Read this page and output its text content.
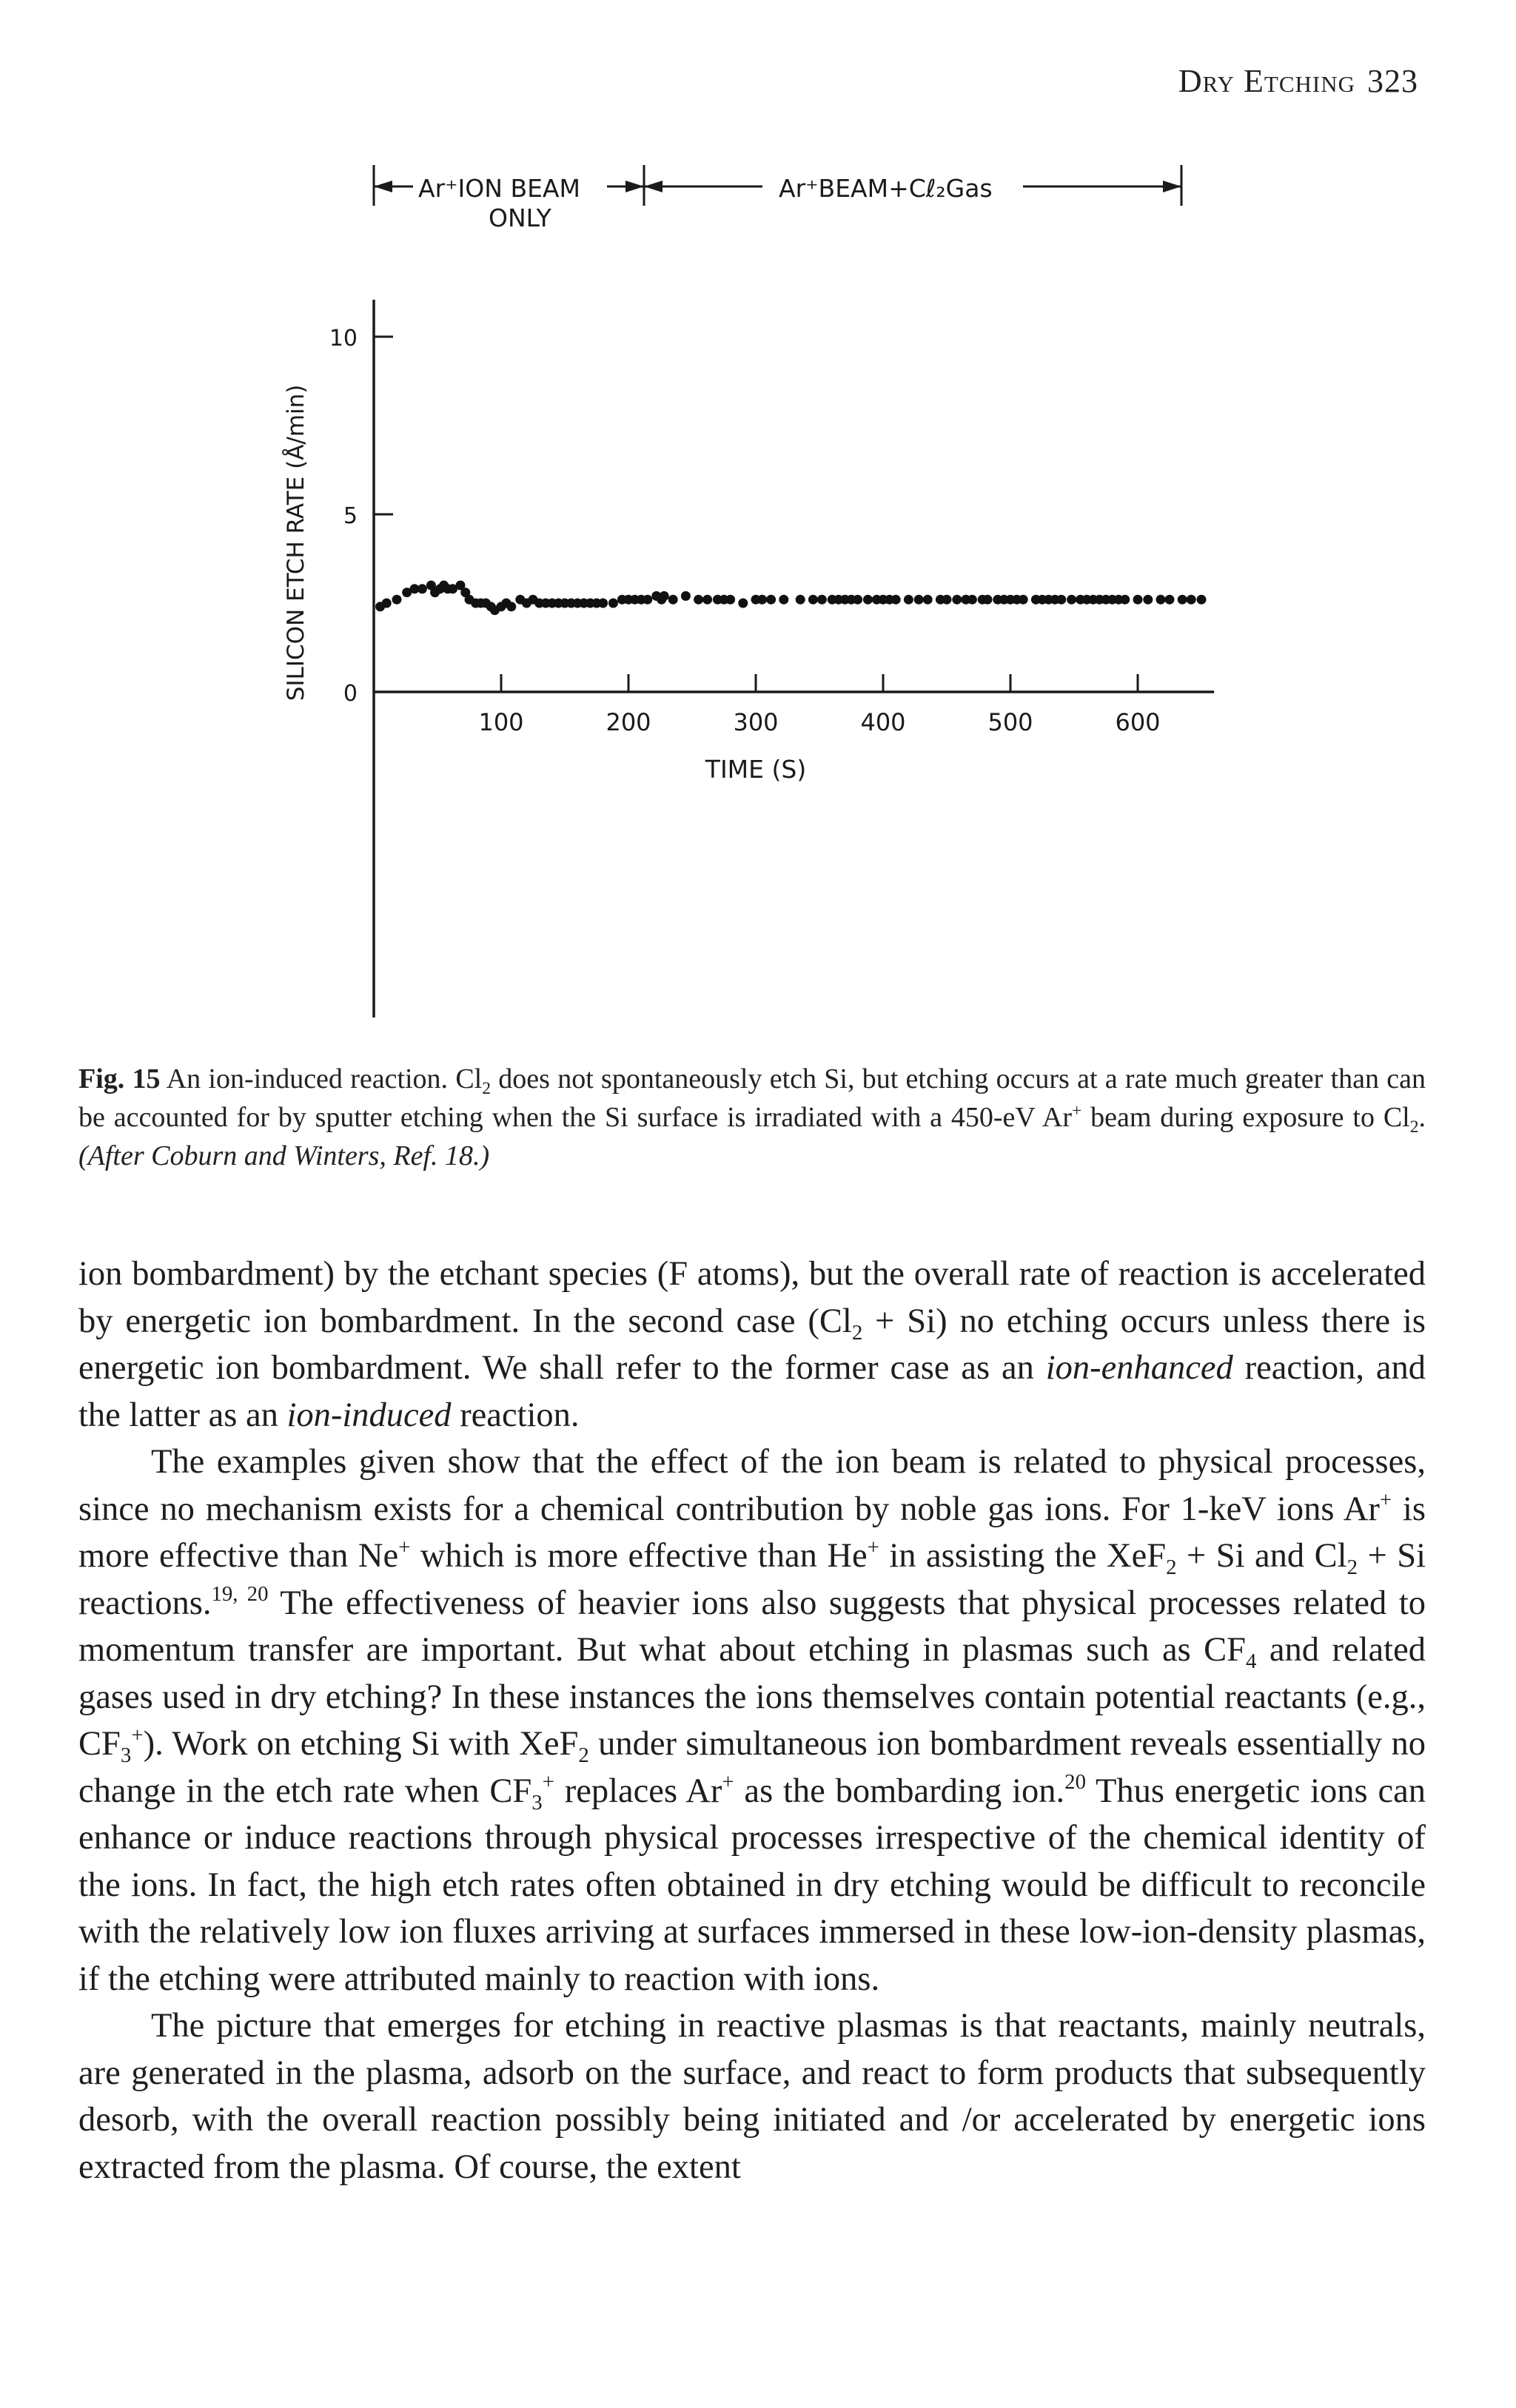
Dry Etching 323
Ar⁺ION BEAM
ONLY
Ar⁺BEAM+Cℓ₂Gas
0
5
10
100	200	300	400	500	600
SILICON ETCH RATE (Å/min)
TIME (S)
Fig. 15 An ion-induced reaction. $Cl_2$ does not spontaneously etch Si, but etching occurs at a rate much greater than can be accounted for by sputter etching when the Si surface is irradiated with a 450-eV Ar+ beam during exposure to $Cl_2$. (After Coburn and Winters, Ref. 18.)

ion bombardment) by the etchant species (F atoms), but the overall rate of reaction is accelerated by energetic ion bombardment. In the second case $(Cl_2 + Si)$ no etching occurs unless there is energetic ion bombardment. We shall refer to the former case as an ion-enhanced reaction, and the latter as an ion-induced reaction.

The examples given show that the effect of the ion beam is related to physical processes, since no mechanism exists for a chemical contribution by noble gas ions. For 1-keV ions Ar+ is more effective than Ne+ which is more effective than He+ in assisting the XeF$_2$ + Si and $Cl_2 + Si$ reactions.$^{19, 20}$ The effectiveness of heavier ions also suggests that physical processes related to momentum transfer are important. But what about etching in plasmas such as $CF_4$ and related gases used in dry etching? In these instances the ions themselves contain potential reactants (e.g., $CF_3^+$). Work on etching Si with XeF$_2$ under simultaneous ion bombardment reveals essentially no change in the etch rate when $CF_3^+$ replaces Ar+ as the bombarding ion.$^{20}$ Thus energetic ions can enhance or induce reactions through physical processes irrespective of the chemical identity of the ions. In fact, the high etch rates often obtained in dry etching would be difficult to reconcile with the relatively low ion fluxes arriving at surfaces immersed in these low-ion-density plasmas, if the etching were attributed mainly to reaction with ions.

The picture that emerges for etching in reactive plasmas is that reactants, mainly neutrals, are generated in the plasma, adsorb on the surface, and react to form products that subsequently desorb, with the overall reaction possibly being initiated and /or accelerated by energetic ions extracted from the plasma. Of course, the extent
